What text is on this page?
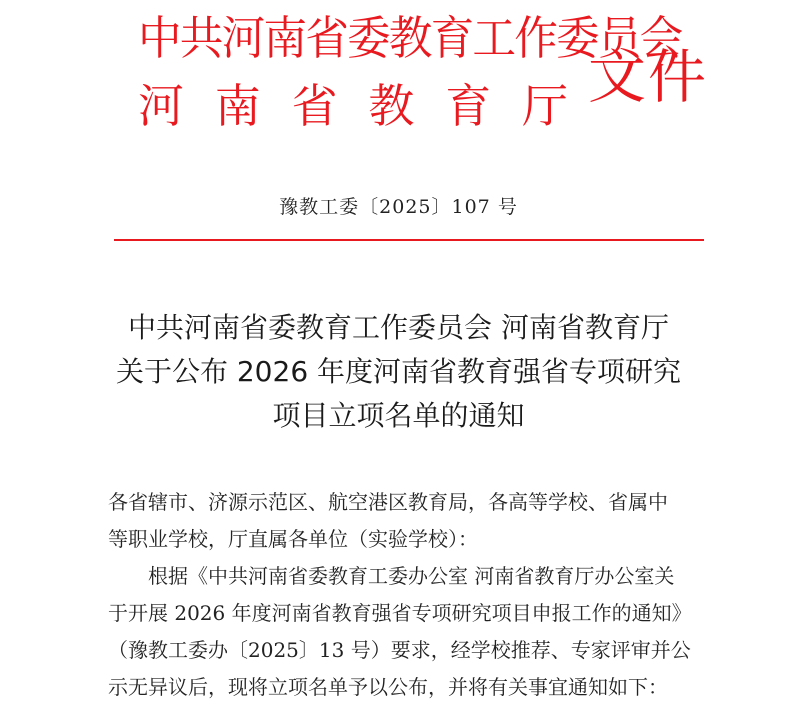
中共河南省委教育工作委员会
河 南 省 教 育 厅 文件
豫教工委〔2025〕107 号
中共河南省委教育工作委员会 河南省教育厅
关于公布 2026 年度河南省教育强省专项研究
项目立项名单的通知
各省辖市、济源示范区、航空港区教育局，各高等学校、省属中
等职业学校，厅直属各单位（实验学校）：
根据《中共河南省委教育工委办公室 河南省教育厅办公室关
于开展 2026 年度河南省教育强省专项研究项目申报工作的通知》
（豫教工委办〔2025〕13 号）要求，经学校推荐、专家评审并公
示无异议后，现将立项名单予以公布，并将有关事宜通知如下：
